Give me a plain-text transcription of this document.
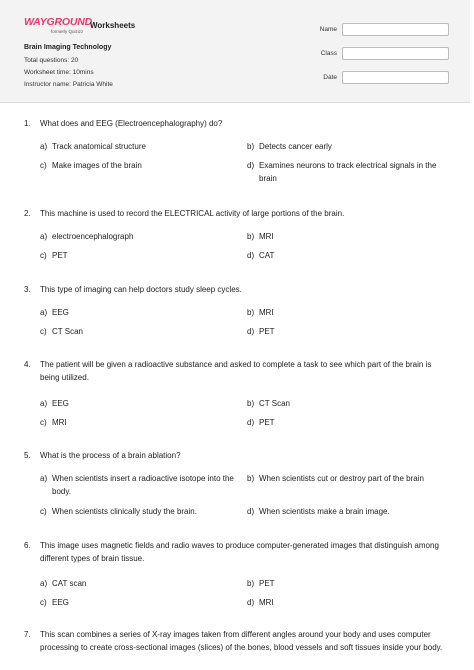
WAYGROUND
formerly Quizizz
Worksheets
Brain Imaging Technology
Total questions: 20
Worksheet time: 10mins
Instructor name: Patricia White
Name
Class
Date
1. What does and EEG (Electroencephalography) do?
a) Track anatomical structure	b) Detects cancer early
c) Make images of the brain	d) Examines neurons to track electrical signals in the brain
2. This machine is used to record the ELECTRICAL activity of large portions of the brain.
a) electroencephalograph	b) MRI
c) PET	d) CAT
3. This type of imaging can help doctors study sleep cycles.
a) EEG	b) MRI
c) CT Scan	d) PET
4. The patient will be given a radioactive substance and asked to complete a task to see which part of the brain is being utilized.
a) EEG	b) CT Scan
c) MRI	d) PET
5. What is the process of a brain ablation?
a) When scientists insert a radioactive isotope into the body.
b) When scientists cut or destroy part of the brain
c) When scientists clinically study the brain.	d) When scientists make a brain image.
6. This image uses magnetic fields and radio waves to produce computer-generated images that distinguish among different types of brain tissue.
a) CAT scan	b) PET
c) EEG	d) MRI
7. This scan combines a series of X-ray images taken from different angles around your body and uses computer processing to create cross-sectional images (slices) of the bones, blood vessels and soft tissues inside your body.
